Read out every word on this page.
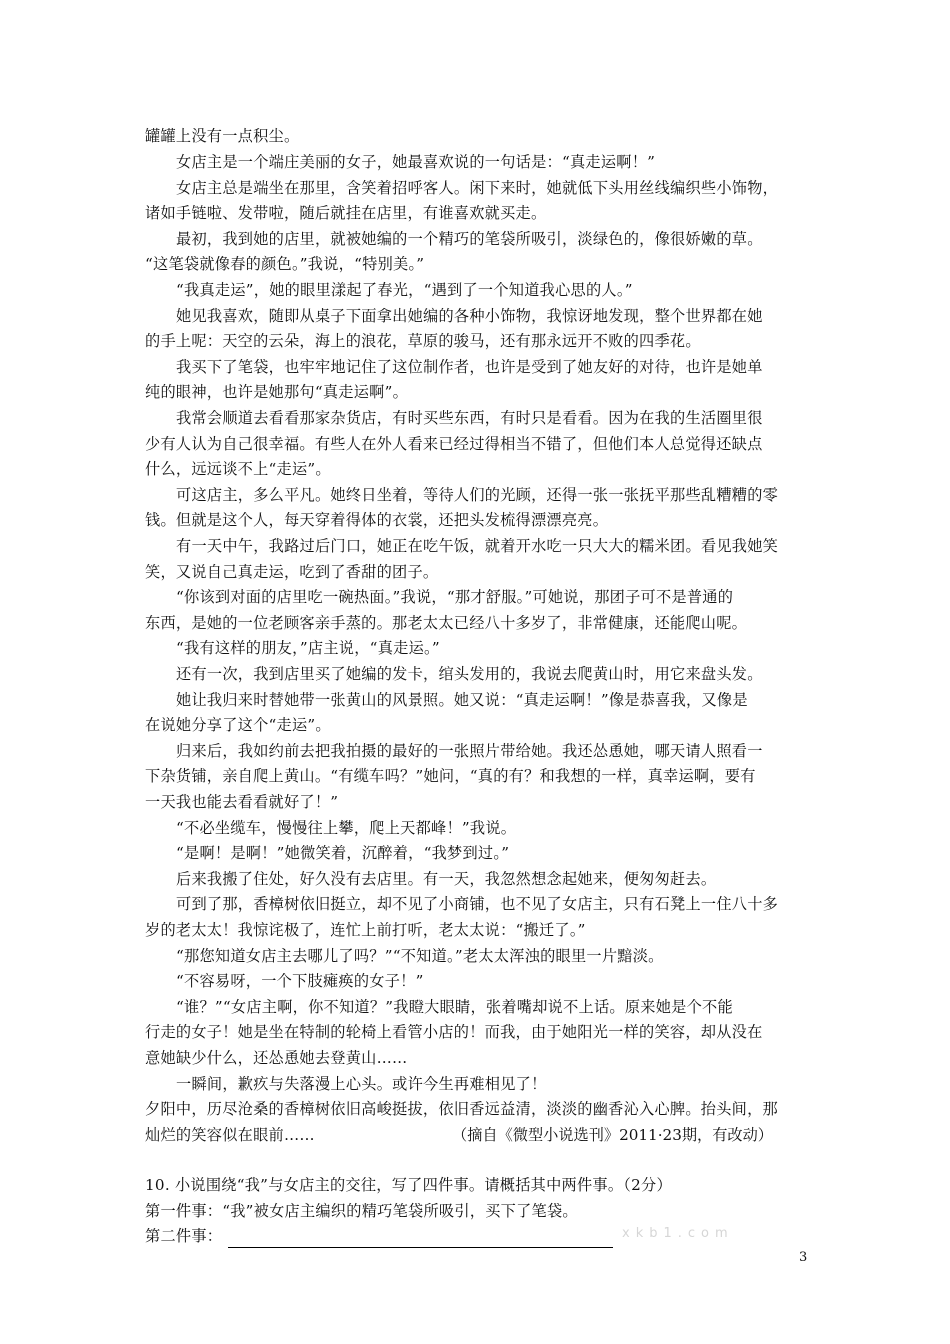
罐罐上没有一点积尘。
女店主是一个端庄美丽的女子，她最喜欢说的一句话是：“真走运啊！”
女店主总是端坐在那里，含笑着招呼客人。闲下来时，她就低下头用丝线编织些小饰物，
诸如手链啦、发带啦，随后就挂在店里，有谁喜欢就买走。
最初，我到她的店里，就被她编的一个精巧的笔袋所吸引，淡绿色的，像很娇嫩的草。
“这笔袋就像春的颜色。”我说，“特别美。”
“我真走运”，她的眼里漾起了春光，“遇到了一个知道我心思的人。”
她见我喜欢，随即从桌子下面拿出她编的各种小饰物，我惊讶地发现，整个世界都在她
的手上呢：天空的云朵，海上的浪花，草原的骏马，还有那永远开不败的四季花。
我买下了笔袋，也牢牢地记住了这位制作者，也许是受到了她友好的对待，也许是她单
纯的眼神，也许是她那句“真走运啊”。
我常会顺道去看看那家杂货店，有时买些东西，有时只是看看。因为在我的生活圈里很
少有人认为自己很幸福。有些人在外人看来已经过得相当不错了，但他们本人总觉得还缺点
什么，远远谈不上“走运”。
可这店主，多么平凡。她终日坐着，等待人们的光顾，还得一张一张抚平那些乱糟糟的零
钱。但就是这个人，每天穿着得体的衣裳，还把头发梳得漂漂亮亮。
有一天中午，我路过后门口，她正在吃午饭，就着开水吃一只大大的糯米团。看见我她笑
笑，又说自己真走运，吃到了香甜的团子。
“你该到对面的店里吃一碗热面。”我说，“那才舒服。”可她说，那团子可不是普通的
东西，是她的一位老顾客亲手蒸的。那老太太已经八十多岁了，非常健康，还能爬山呢。
“我有这样的朋友，”店主说，“真走运。”
还有一次，我到店里买了她编的发卡，绾头发用的，我说去爬黄山时，用它来盘头发。
她让我归来时替她带一张黄山的风景照。她又说：“真走运啊！”像是恭喜我，又像是
在说她分享了这个“走运”。
归来后，我如约前去把我拍摄的最好的一张照片带给她。我还怂恿她，哪天请人照看一
下杂货铺，亲自爬上黄山。“有缆车吗？”她问，“真的有？和我想的一样，真幸运啊，要有
一天我也能去看看就好了！”
“不必坐缆车，慢慢往上攀，爬上天都峰！”我说。
“是啊！是啊！”她微笑着，沉醉着，“我梦到过。”
后来我搬了住处，好久没有去店里。有一天，我忽然想念起她来，便匆匆赶去。
可到了那，香樟树依旧挺立，却不见了小商铺，也不见了女店主，只有石凳上一住八十多
岁的老太太！我惊诧极了，连忙上前打听，老太太说：“搬迁了。”
“那您知道女店主去哪儿了吗？”“不知道。”老太太浑浊的眼里一片黯淡。
“不容易呀，一个下肢瘫痪的女子！”
“谁？”“女店主啊，你不知道？”我瞪大眼睛，张着嘴却说不上话。原来她是个不能
行走的女子！她是坐在特制的轮椅上看管小店的！而我，由于她阳光一样的笑容，却从没在
意她缺少什么，还怂恿她去登黄山……
一瞬间，歉疚与失落漫上心头。或许今生再难相见了！
夕阳中，历尽沧桑的香樟树依旧高峻挺拔，依旧香远益清，淡淡的幽香沁入心脾。抬头间，那
灿烂的笑容似在眼前……	（摘自《微型小说选刊》2011·23期，有改动）
10. 小说围绕“我”与女店主的交往，写了四件事。请概括其中两件事。（2分）
第一件事：“我”被女店主编织的精巧笔袋所吸引，买下了笔袋。
第二件事：	xkb1.com
3
